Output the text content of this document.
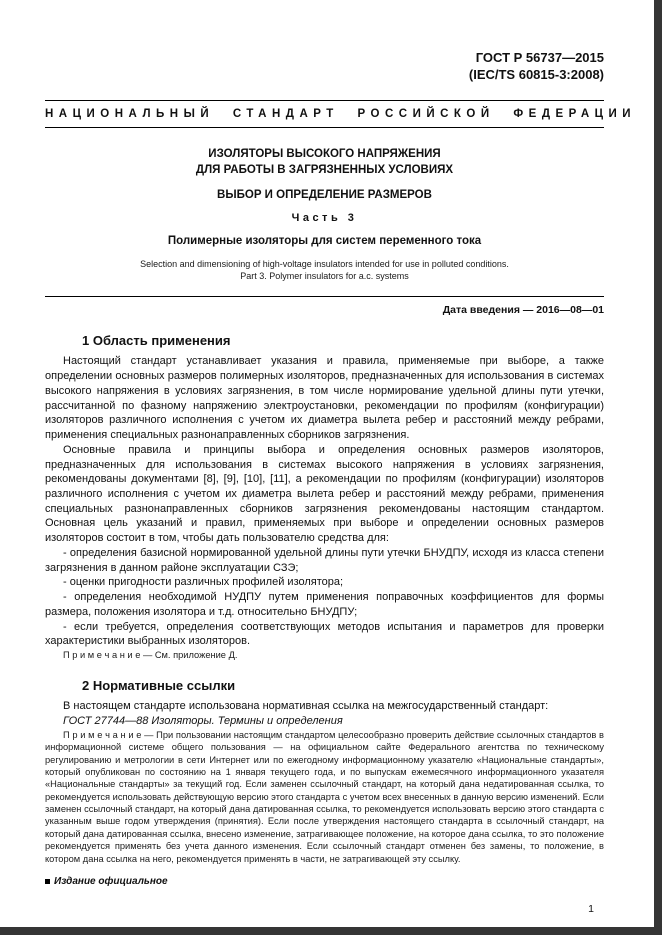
ГОСТ Р 56737—2015
(IEC/TS 60815-3:2008)
НАЦИОНАЛЬНЫЙ СТАНДАРТ РОССИЙСКОЙ ФЕДЕРАЦИИ
ИЗОЛЯТОРЫ ВЫСОКОГО НАПРЯЖЕНИЯ
ДЛЯ РАБОТЫ В ЗАГРЯЗНЕННЫХ УСЛОВИЯХ
ВЫБОР И ОПРЕДЕЛЕНИЕ РАЗМЕРОВ
Часть 3
Полимерные изоляторы для систем переменного тока
Selection and dimensioning of high-voltage insulators intended for use in polluted conditions.
Part 3. Polymer insulators for a.c. systems
Дата введения — 2016—08—01
1 Область применения

Настоящий стандарт устанавливает указания и правила, применяемые при выборе, а также определении основных размеров полимерных изоляторов, предназначенных для использования в системах высокого напряжения в условиях загрязнения, в том числе нормирование удельной длины пути утечки, рассчитанной по фазному напряжению электроустановки, рекомендации по профилям (конфигурации) изоляторов различного исполнения с учетом их диаметра вылета ребер и расстояний между ребрами, применения специальных разнонаправленных сборников загрязнения.

Основные правила и принципы выбора и определения основных размеров изоляторов, предназначенных для использования в системах высокого напряжения в условиях загрязнения, рекомендованы документами [8], [9], [10], [11], а рекомендации по профилям (конфигурации) изоляторов различного исполнения с учетом их диаметра вылета ребер и расстояний между ребрами, применения специальных разнонаправленных сборников загрязнения рекомендованы настоящим стандартом. Основная цель указаний и правил, применяемых при выборе и определении основных размеров изоляторов состоит в том, чтобы дать пользователю средства для:

- определения базисной нормированной удельной длины пути утечки БНУДПУ, исходя из класса степени загрязнения в данном районе эксплуатации СЗЭ;

- оценки пригодности различных профилей изолятора;

- определения необходимой НУДПУ путем применения поправочных коэффициентов для формы размера, положения изолятора и т.д. относительно БНУДПУ;

- если требуется, определения соответствующих методов испытания и параметров для проверки характеристики выбранных изоляторов.

П р и м е ч а н и е — См. приложение Д.

2 Нормативные ссылки

В настоящем стандарте использована нормативная ссылка на межгосударственный стандарт:

ГОСТ 27744—88 Изоляторы. Термины и определения

П р и м е ч а н и е — При пользовании настоящим стандартом целесообразно проверить действие ссылочных стандартов в информационной системе общего пользования — на официальном сайте Федерального агентства по техническому регулированию и метрологии в сети Интернет или по ежегодному информационному указателю «Национальные стандарты», который опубликован по состоянию на 1 января текущего года, и по выпускам ежемесячного информационного указателя «Национальные стандарты» за текущий год. Если заменен ссылочный стандарт, на который дана недатированная ссылка, то рекомендуется использовать действующую версию этого стандарта с учетом всех внесенных в данную версию изменений. Если заменен ссылочный стандарт, на который дана датированная ссылка, то рекомендуется использовать версию этого стандарта с указанным выше годом утверждения (принятия). Если после утверждения настоящего стандарта в ссылочный стандарт, на который дана датированная ссылка, внесено изменение, затрагивающее положение, на которое дана ссылка, то это положение рекомендуется применять без учета данного изменения. Если ссылочный стандарт отменен без замены, то положение, в котором дана ссылка на него, рекомендуется применять в части, не затрагивающей эту ссылку.

Издание официальное
1
